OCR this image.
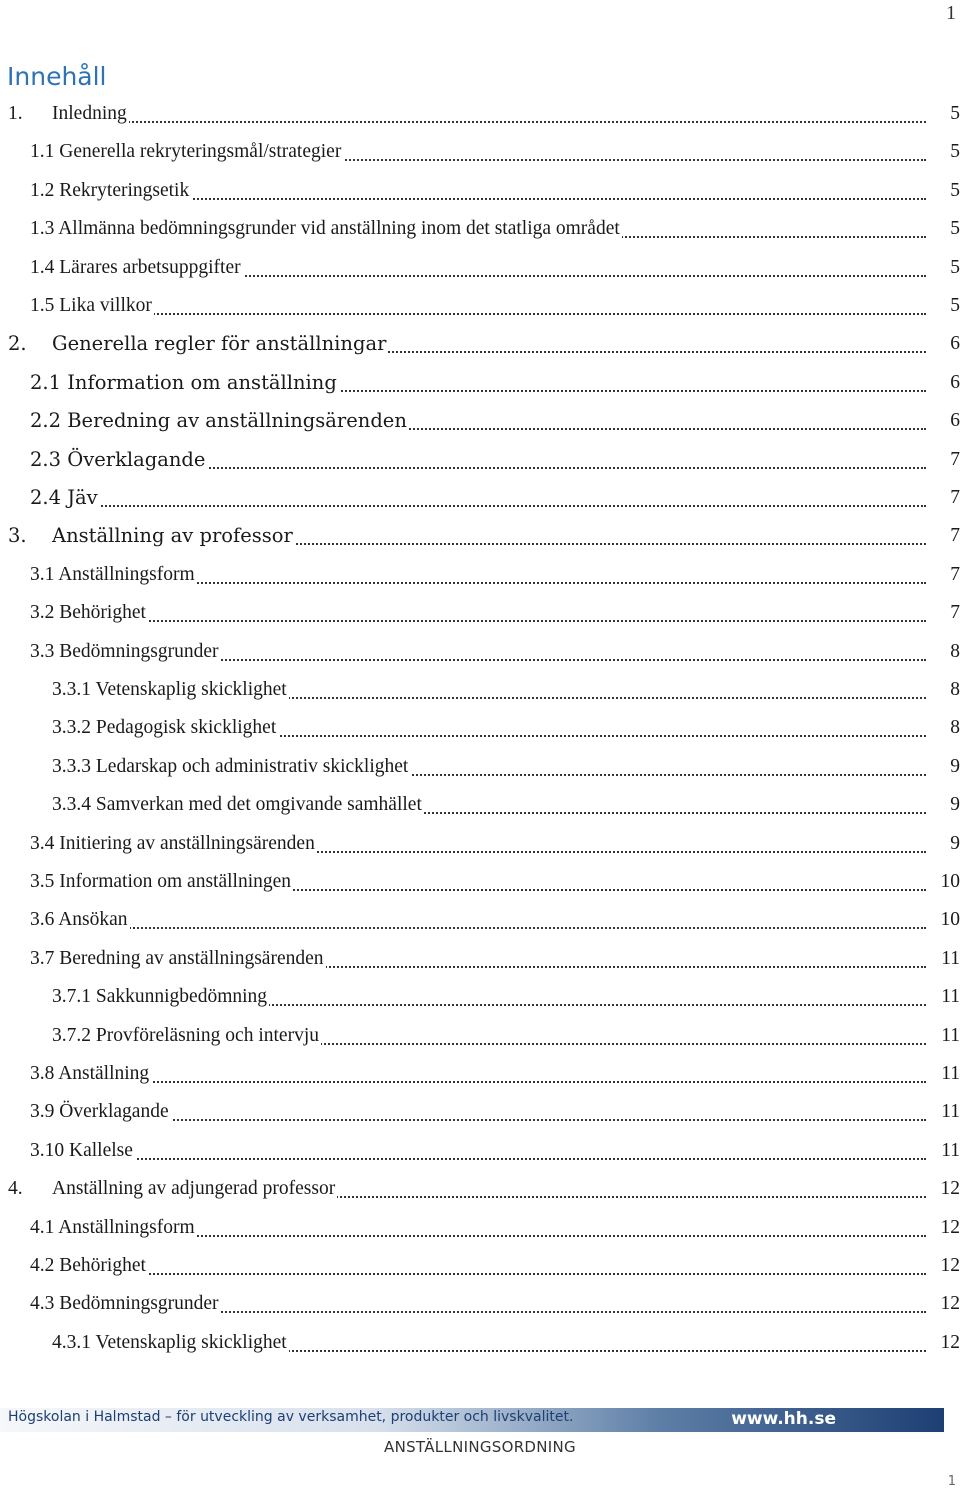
1
Innehåll
1. Inledning	5
1.1 Generella rekryteringsmål/strategier	5
1.2 Rekryteringsetik	5
1.3 Allmänna bedömningsgrunder vid anställning inom det statliga området	5
1.4 Lärares arbetsuppgifter	5
1.5 Lika villkor	5
2. Generella regler för anställningar	6
2.1 Information om anställning	6
2.2 Beredning av anställningsärenden	6
2.3 Överklagande	7
2.4 Jäv	7
3. Anställning av professor	7
3.1 Anställningsform	7
3.2 Behörighet	7
3.3 Bedömningsgrunder	8
3.3.1 Vetenskaplig skicklighet	8
3.3.2 Pedagogisk skicklighet	8
3.3.3 Ledarskap och administrativ skicklighet	9
3.3.4 Samverkan med det omgivande samhället	9
3.4 Initiering av anställningsärenden	9
3.5 Information om anställningen	10
3.6 Ansökan	10
3.7 Beredning av anställningsärenden	11
3.7.1 Sakkunnigbedömning	11
3.7.2 Provföreläsning och intervju	11
3.8 Anställning	11
3.9 Överklagande	11
3.10 Kallelse	11
4. Anställning av adjungerad professor	12
4.1 Anställningsform	12
4.2 Behörighet	12
4.3 Bedömningsgrunder	12
4.3.1 Vetenskaplig skicklighet	12
Högskolan i Halmstad – för utveckling av verksamhet, produkter och livskvalitet.	www.hh.se
ANSTÄLLNINGSORDNING
1
